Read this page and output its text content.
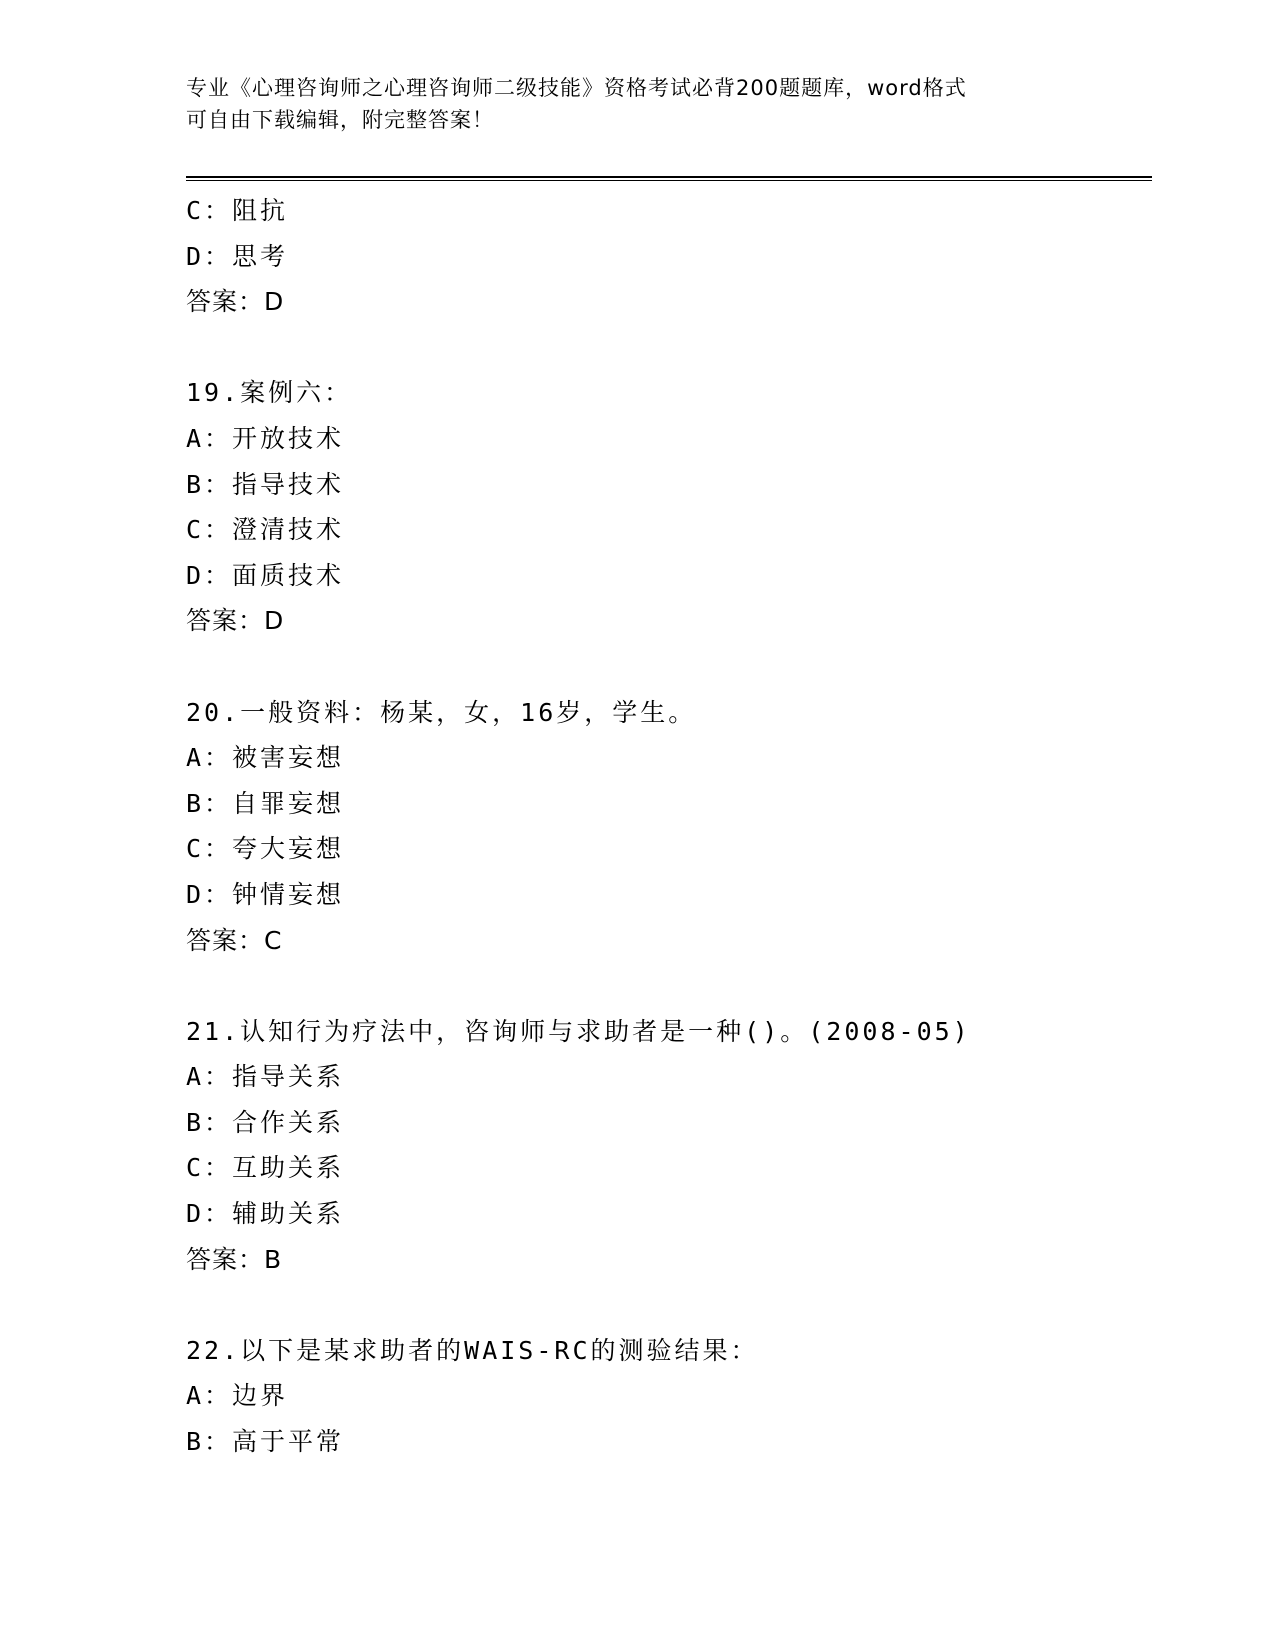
专业《心理咨询师之心理咨询师二级技能》资格考试必背200题题库，word格式
可自由下载编辑，附完整答案！
C：阻抗
D：思考
答案：D
19.案例六：
A：开放技术
B：指导技术
C：澄清技术
D：面质技术
答案：D
20.一般资料：杨某，女，16岁，学生。
A：被害妄想
B：自罪妄想
C：夸大妄想
D：钟情妄想
答案：C
21.认知行为疗法中，咨询师与求助者是一种()。(2008-05)
A：指导关系
B：合作关系
C：互助关系
D：辅助关系
答案：B
22.以下是某求助者的WAIS-RC的测验结果：
A：边界
B：高于平常
